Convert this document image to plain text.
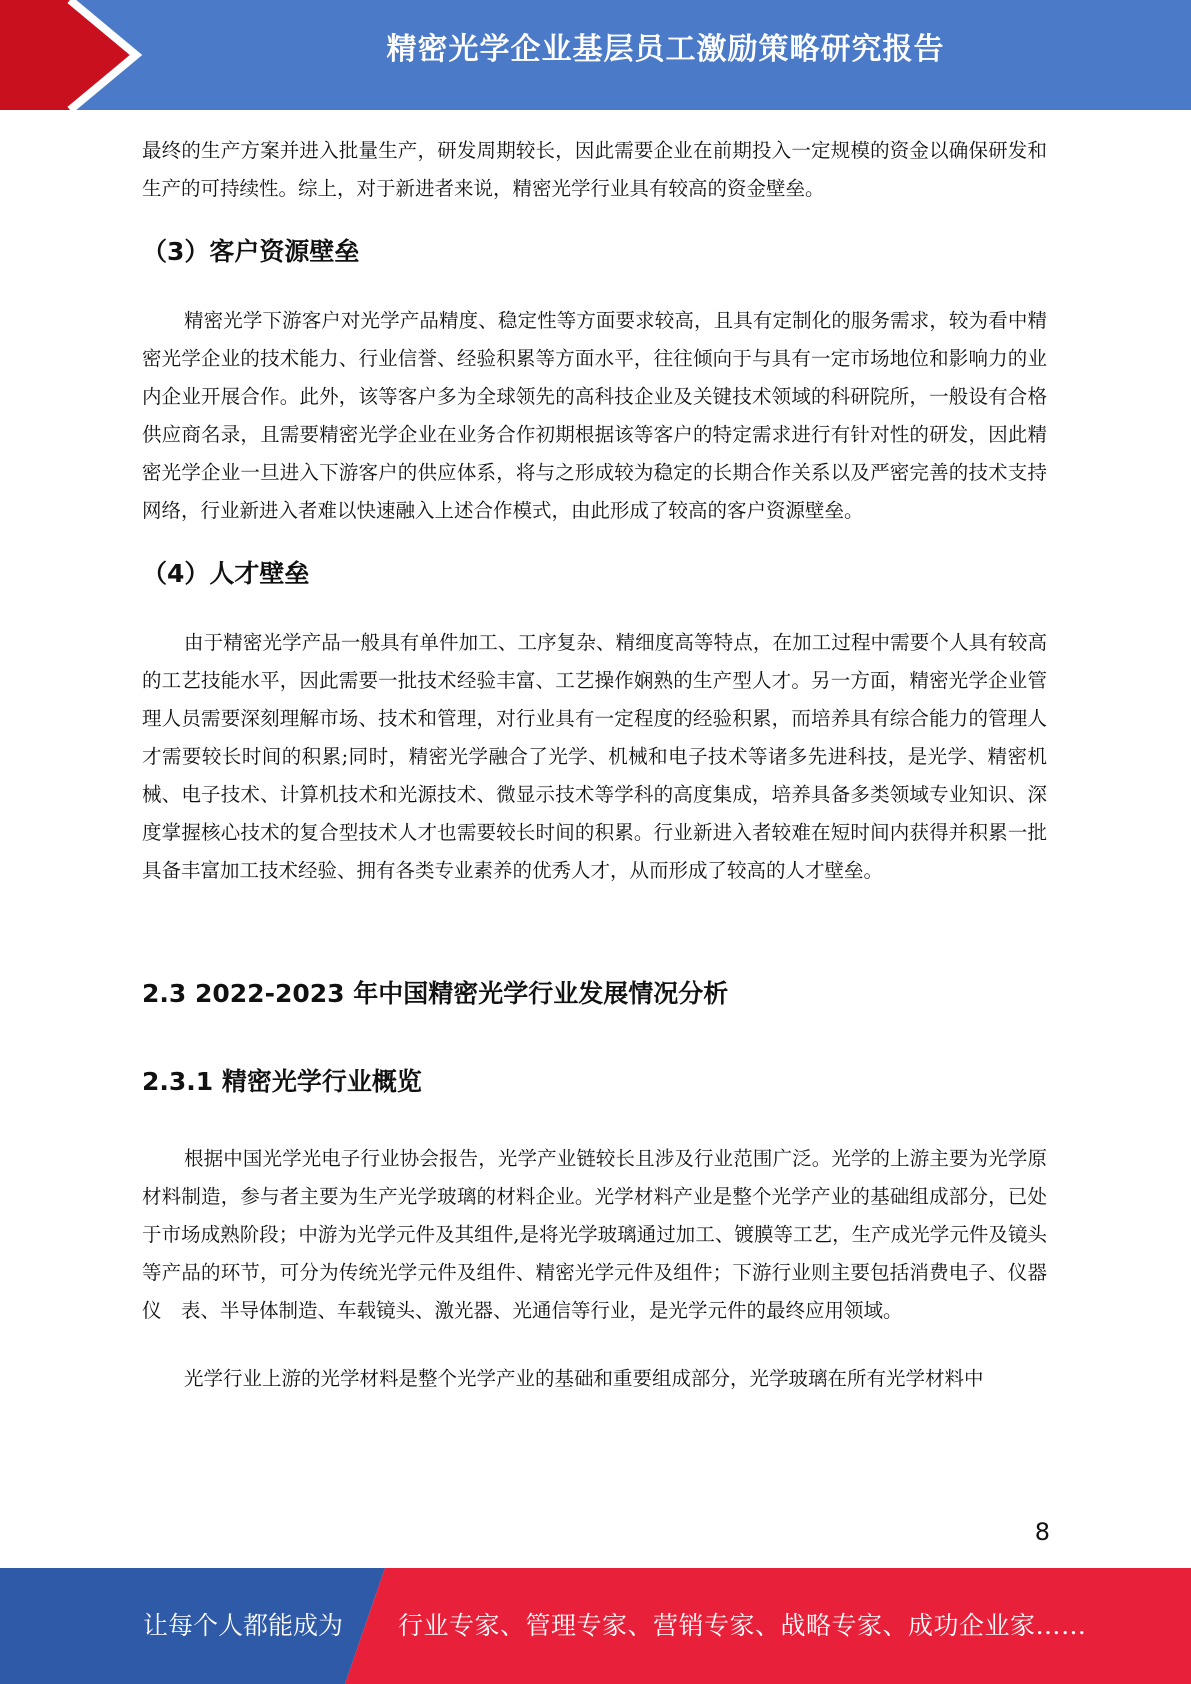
精密光学企业基层员工激励策略研究报告

最终的生产方案并进入批量生产，研发周期较长，因此需要企业在前期投入一定规模的资金以确保研发和生产的可持续性。综上，对于新进者来说，精密光学行业具有较高的资金壁垒。

（3）客户资源壁垒

精密光学下游客户对光学产品精度、稳定性等方面要求较高，且具有定制化的服务需求，较为看中精密光学企业的技术能力、行业信誉、经验积累等方面水平，往往倾向于与具有一定市场地位和影响力的业内企业开展合作。此外，该等客户多为全球领先的高科技企业及关键技术领域的科研院所，一般设有合格供应商名录，且需要精密光学企业在业务合作初期根据该等客户的特定需求进行有针对性的研发，因此精密光学企业一旦进入下游客户的供应体系，将与之形成较为稳定的长期合作关系以及严密完善的技术支持网络，行业新进入者难以快速融入上述合作模式，由此形成了较高的客户资源壁垒。

（4）人才壁垒

由于精密光学产品一般具有单件加工、工序复杂、精细度高等特点，在加工过程中需要个人具有较高的工艺技能水平，因此需要一批技术经验丰富、工艺操作娴熟的生产型人才。另一方面，精密光学企业管理人员需要深刻理解市场、技术和管理，对行业具有一定程度的经验积累，而培养具有综合能力的管理人才需要较长时间的积累;同时，精密光学融合了光学、机械和电子技术等诸多先进科技，是光学、精密机械、电子技术、计算机技术和光源技术、微显示技术等学科的高度集成，培养具备多类领域专业知识、深度掌握核心技术的复合型技术人才也需要较长时间的积累。行业新进入者较难在短时间内获得并积累一批具备丰富加工技术经验、拥有各类专业素养的优秀人才，从而形成了较高的人才壁垒。

2.3 2022-2023 年中国精密光学行业发展情况分析
2.3.1 精密光学行业概览

根据中国光学光电子行业协会报告，光学产业链较长且涉及行业范围广泛。光学的上游主要为光学原材料制造，参与者主要为生产光学玻璃的材料企业。光学材料产业是整个光学产业的基础组成部分，已处于市场成熟阶段；中游为光学元件及其组件,是将光学玻璃通过加工、镀膜等工艺，生产成光学元件及镜头等产品的环节，可分为传统光学元件及组件、精密光学元件及组件；下游行业则主要包括消费电子、仪器仪　表、半导体制造、车载镜头、激光器、光通信等行业，是光学元件的最终应用领域。

光学行业上游的光学材料是整个光学产业的基础和重要组成部分，光学玻璃在所有光学材料中

8
让每个人都能成为 行业专家、管理专家、营销专家、战略专家、成功企业家……
